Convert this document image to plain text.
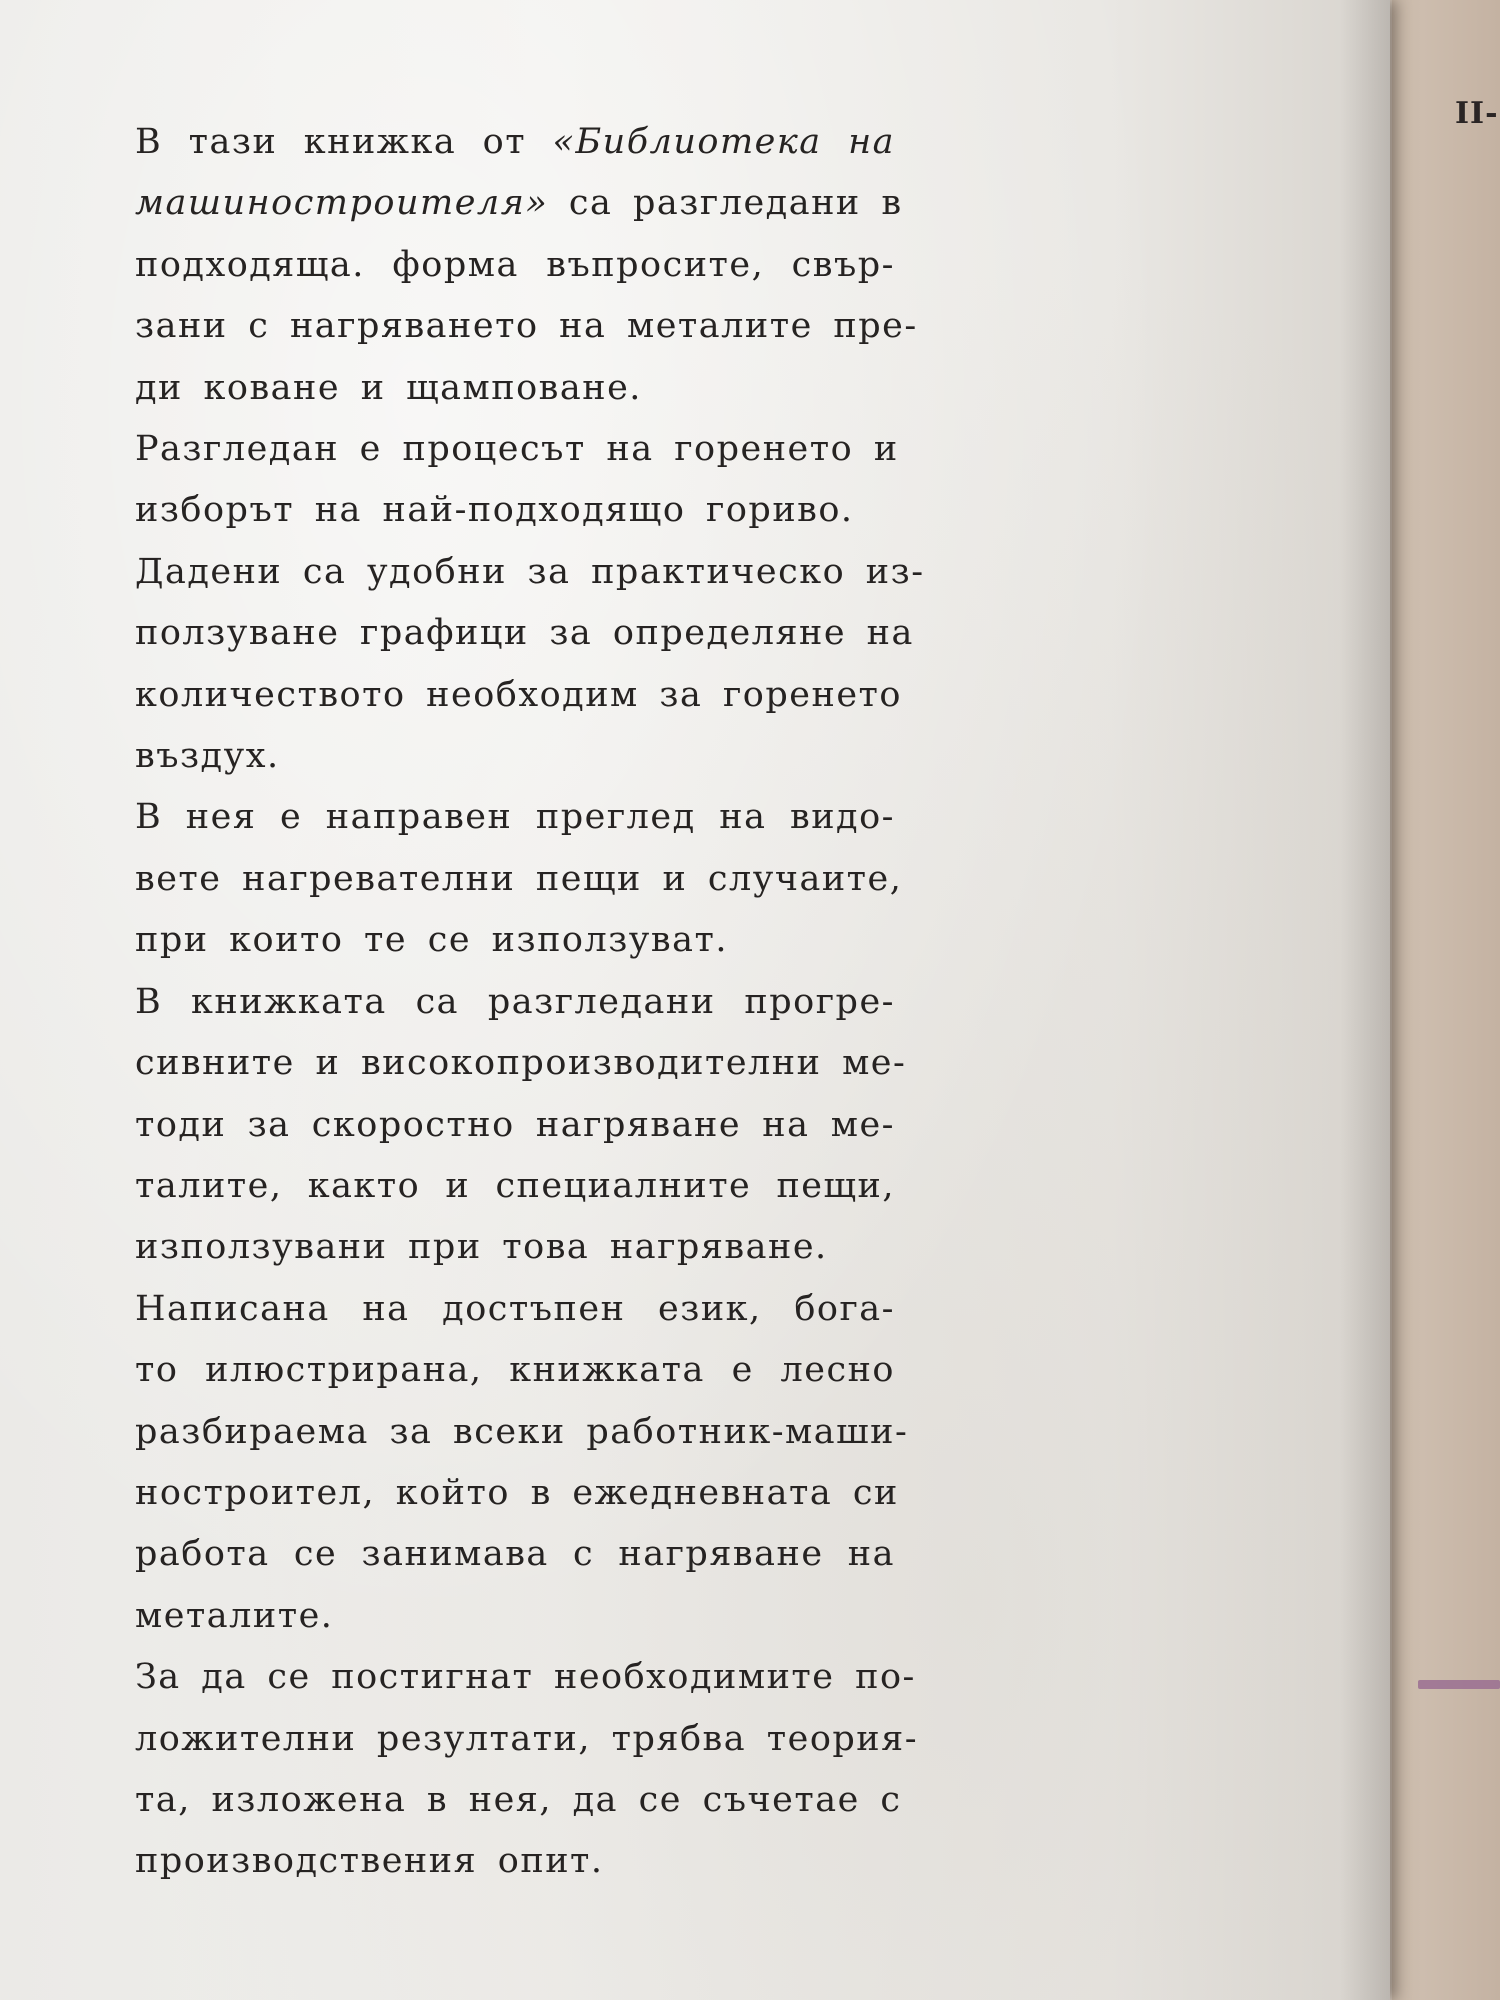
II-
В тази книжка от «Библиотека на
машиностроителя» са разгледани в
подходяща. форма въпросите, свър-
зани с нагряването на металите пре-
ди коване и щамповане.
Разгледан е процесът на горенето и
изборът на най-подходящо гориво.
Дадени са удобни за практическо из-
ползуване графици за определяне на
количеството необходим за горенето
въздух.
В нея е направен преглед на видо-
вете нагревателни пещи и случаите,
при които те се използуват.
В книжката са разгледани прогре-
сивните и високопроизводителни ме-
тоди за скоростно нагряване на ме-
талите, както и специалните пещи,
използувани при това нагряване.
Написана на достъпен език, бога-
то илюстрирана, книжката е лесно
разбираема за всеки работник-маши-
ностроител, който в ежедневната си
работа се занимава с нагряване на
металите.
За да се постигнат необходимите по-
ложителни резултати, трябва теория-
та, изложена в нея, да се съчетае с
производствения опит.
